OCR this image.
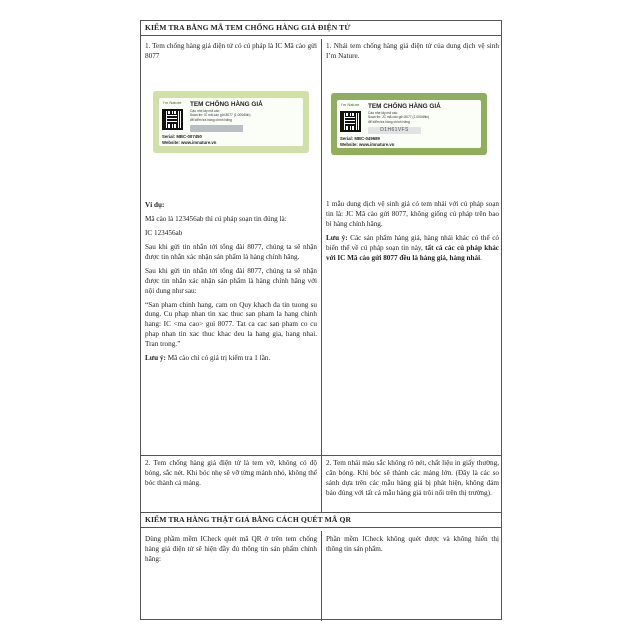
KIỂM TRA BẰNG MÃ TEM CHỐNG HÀNG GIẢ ĐIỆN TỬ

1. Tem chống hàng giả điện tử có cú pháp là IC Mã cào gửi 8077

I'm Nature TEM CHỐNG HÀNG GIẢ
Cào nhẹ lấy mã cào
Soạn tin: IC mã cào gửi 8077 (1.000đ/tin)
để kiểm tra hàng chính hãng
Serial: MBC-007450
Website: www.imnature.vn

Ví dụ:

Mã cào là 123456ab thì cú pháp soạn tin đúng là:

IC 123456ab

Sau khi gửi tin nhắn tới tổng đài 8077, chúng ta sẽ nhận được tin nhắn xác nhận sản phẩm là hàng chính hãng.

Sau khi gửi tin nhắn tới tổng đài 8077, chúng ta sẽ nhận được tin nhắn xác nhận sản phẩm là hàng chính hãng với nội dung như sau:

“San pham chinh hang, cam on Quy khach da tin tuong su dung. Cu phap nhan tin xac thuc san pham la hang chinh hang: IC <ma cao> gui 8077. Tat ca cac san pham co cu phap nhan tin xac thuc khac deu la hang gia, hang nhai. Tran trong.”

Lưu ý: Mã cào chỉ có giá trị kiểm tra 1 lần.

1. Nhái tem chống hàng giả điện tử của dung dịch vệ sinh I’m Nature.

I'm Nature TEM CHỐNG HÀNG GIẢ
Cào nhẹ lấy mã cào
Soạn tin: JC mã cào gửi 8077 (1.000đ/tin)
để kiểm tra hàng chính hãng
D1H61VFS
Serial: MBC-049689
Website: www.imnature.vn

1 mẫu dung dịch vệ sinh giả có tem nhái với cú pháp soạn tin là: JC Mã cào gửi 8077, không giống cú pháp trên bao bì hàng chính hãng.

Lưu ý: Các sản phẩm hàng giả, hàng nhái khác có thể có biến thể về cú pháp soạn tin này, tất cả các cú pháp khác với IC Mã cào gửi 8077 đều là hàng giả, hàng nhái.

2. Tem chống hàng giả điện tử là tem vỡ, không có độ bóng, sắc nét. Khi bóc nhẹ sẽ vỡ từng mảnh nhỏ, không thể bóc thành cả mảng.

2. Tem nhái màu sắc không rõ nét, chất liệu in giấy thường, căn bóng. Khi bóc sẽ thành các mảng lớn. (Đây là các so sánh dựa trên các mẫu hàng giả bị phát hiện, không đảm bảo đúng với tất cả mẫu hàng giả trôi nổi trên thị trường).

KIỂM TRA HÀNG THẬT GIẢ BẰNG CÁCH QUÉT MÃ QR

Dùng phầm mềm ICheck quét mã QR ở trên tem chống hàng giả điện tử sẽ hiện đầy đủ thông tin sản phẩm chính hãng:

Phần mềm ICheck không quét được và không hiển thị thông tin sản phẩm.
